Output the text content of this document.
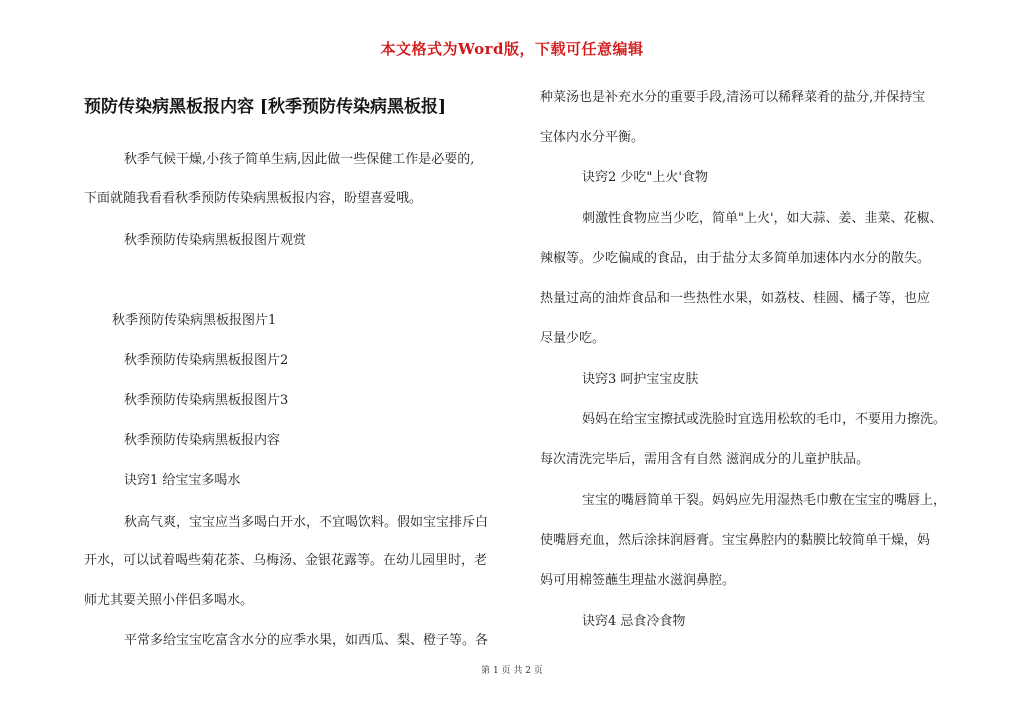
本文格式为Word版，下载可任意编辑
预防传染病黑板报内容 [秋季预防传染病黑板报]
秋季气候干燥,小孩子简单生病,因此做一些保健工作是必要的,
下面就随我看看秋季预防传染病黑板报内容，盼望喜爱哦。
秋季预防传染病黑板报图片观赏
秋季预防传染病黑板报图片1
秋季预防传染病黑板报图片2
秋季预防传染病黑板报图片3
秋季预防传染病黑板报内容
诀窍1 给宝宝多喝水
秋高气爽，宝宝应当多喝白开水，不宜喝饮料。假如宝宝排斥白
开水，可以试着喝些菊花茶、乌梅汤、金银花露等。在幼儿园里时，老
师尤其要关照小伴侣多喝水。
平常多给宝宝吃富含水分的应季水果，如西瓜、梨、橙子等。各
种菜汤也是补充水分的重要手段,清汤可以稀释菜肴的盐分,并保持宝
宝体内水分平衡。
诀窍2 少吃"上火'食物
刺激性食物应当少吃，简单"上火'，如大蒜、姜、韭菜、花椒、
辣椒等。少吃偏咸的食品，由于盐分太多简单加速体内水分的散失。
热量过高的油炸食品和一些热性水果，如荔枝、桂圆、橘子等，也应
尽量少吃。
诀窍3 呵护宝宝皮肤
妈妈在给宝宝擦拭或洗脸时宜选用松软的毛巾，不要用力擦洗。
每次清洗完毕后，需用含有自然 滋润成分的儿童护肤品。
宝宝的嘴唇简单干裂。妈妈应先用湿热毛巾敷在宝宝的嘴唇上，
使嘴唇充血，然后涂抹润唇膏。宝宝鼻腔内的黏膜比较简单干燥，妈
妈可用棉签蘸生理盐水滋润鼻腔。
诀窍4 忌食冷食物
第 1 页 共 2 页
